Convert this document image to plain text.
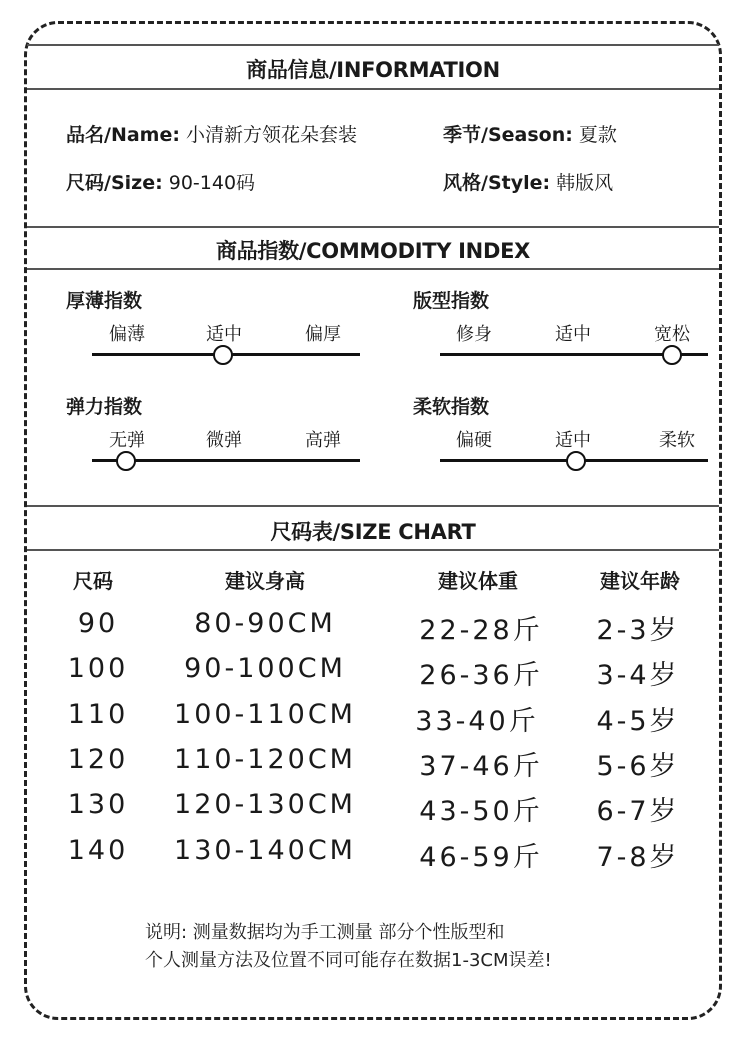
商品信息/INFORMATION
品名/Name: 小清新方领花朵套装	季节/Season: 夏款
尺码/Size: 90-140码	风格/Style: 韩版风
商品指数/COMMODITY INDEX
厚薄指数
偏薄	适中	偏厚
版型指数
修身	适中	宽松
弹力指数
无弹	微弹	高弹
柔软指数
偏硬	适中	柔软
尺码表/SIZE CHART
尺码	建议身高	建议体重	建议年龄
90	80-90CM	22-28斤	2-3岁
100	90-100CM	26-36斤	3-4岁
110	100-110CM	33-40斤	4-5岁
120	110-120CM	37-46斤	5-6岁
130	120-130CM	43-50斤	6-7岁
140	130-140CM	46-59斤	7-8岁
说明: 测量数据均为手工测量 部分个性版型和
个人测量方法及位置不同可能存在数据1-3CM误差!
